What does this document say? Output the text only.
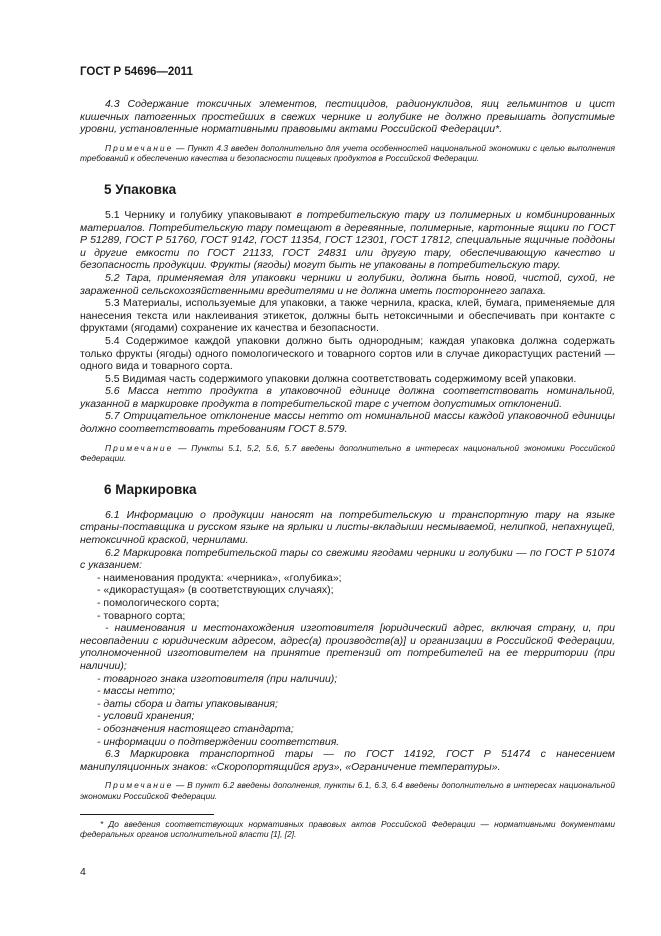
ГОСТ Р 54696—2011

4.3 Содержание токсичных элементов, пестицидов, радионуклидов, яиц гельминтов и цист кишечных патогенных простейших в свежих чернике и голубике не должно превышать допустимые уровни, установленные нормативными правовыми актами Российской Федерации*.

Примечание — Пункт 4.3 введен дополнительно для учета особенностей национальной экономики с целью выполнения требований к обеспечению качества и безопасности пищевых продуктов в Российской Федерации.

5 Упаковка

5.1 Чернику и голубику упаковывают в потребительскую тару из полимерных и комбинированных материалов. Потребительскую тару помещают в деревянные, полимерные, картонные ящики по ГОСТ Р 51289, ГОСТ Р 51760, ГОСТ 9142, ГОСТ 11354, ГОСТ 12301, ГОСТ 17812, специальные ящичные поддоны и другие емкости по ГОСТ 21133, ГОСТ 24831 или другую тару, обеспечивающую качество и безопасность продукции. Фрукты (ягоды) могут быть не упакованы в потребительскую тару.

5.2 Тара, применяемая для упаковки черники и голубики, должна быть новой, чистой, сухой, не зараженной сельскохозяйственными вредителями и не должна иметь постороннего запаха.

5.3 Материалы, используемые для упаковки, а также чернила, краска, клей, бумага, применяемые для нанесения текста или наклеивания этикеток, должны быть нетоксичными и обеспечивать при контакте с фруктами (ягодами) сохранение их качества и безопасности.

5.4 Содержимое каждой упаковки должно быть однородным; каждая упаковка должна содержать только фрукты (ягоды) одного помологического и товарного сортов или в случае дикорастущих растений — одного вида и товарного сорта.

5.5 Видимая часть содержимого упаковки должна соответствовать содержимому всей упаковки.

5.6 Масса нетто продукта в упаковочной единице должна соответствовать номинальной, указанной в маркировке продукта в потребительской таре с учетом допустимых отклонений.

5.7 Отрицательное отклонение массы нетто от номинальной массы каждой упаковочной единицы должно соответствовать требованиям ГОСТ 8.579.

Примечание — Пункты 5.1, 5,2, 5.6, 5.7 введены дополнительно в интересах национальной экономики Российской Федерации.

6 Маркировка

6.1 Информацию о продукции наносят на потребительскую и транспортную тару на языке страны-поставщика и русском языке на ярлыки и листы-вкладыши несмываемой, нелипкой, непахнущей, нетоксичной краской, чернилами.

6.2 Маркировка потребительской тары со свежими ягодами черники и голубики — по ГОСТ Р 51074 с указанием:

- наименования продукта: «черника», «голубика»;

- «дикорастущая» (в соответствующих случаях);

- помологического сорта;

- товарного сорта;

- наименования и местонахождения изготовителя [юридический адрес, включая страну, и, при несовпадении с юридическим адресом, адрес(а) производств(а)] и организации в Российской Федерации, уполномоченной изготовителем на принятие претензий от потребителей на ее территории (при наличии);

- товарного знака изготовителя (при наличии);

- массы нетто;

- даты сбора и даты упаковывания;

- условий хранения;

- обозначения настоящего стандарта;

- информации о подтверждении соответствия.

6.3 Маркировка транспортной тары — по ГОСТ 14192, ГОСТ Р 51474 с нанесением манипуляционных знаков: «Скоропортящийся груз», «Ограничение температуры».

Примечание — В пункт 6.2 введены дополнения, пункты 6.1, 6.3, 6.4 введены дополнительно в интересах национальной экономики Российской Федерации.

* До введения соответствующих нормативных правовых актов Российской Федерации — нормативными документами федеральных органов исполнительной власти [1], [2].

4
